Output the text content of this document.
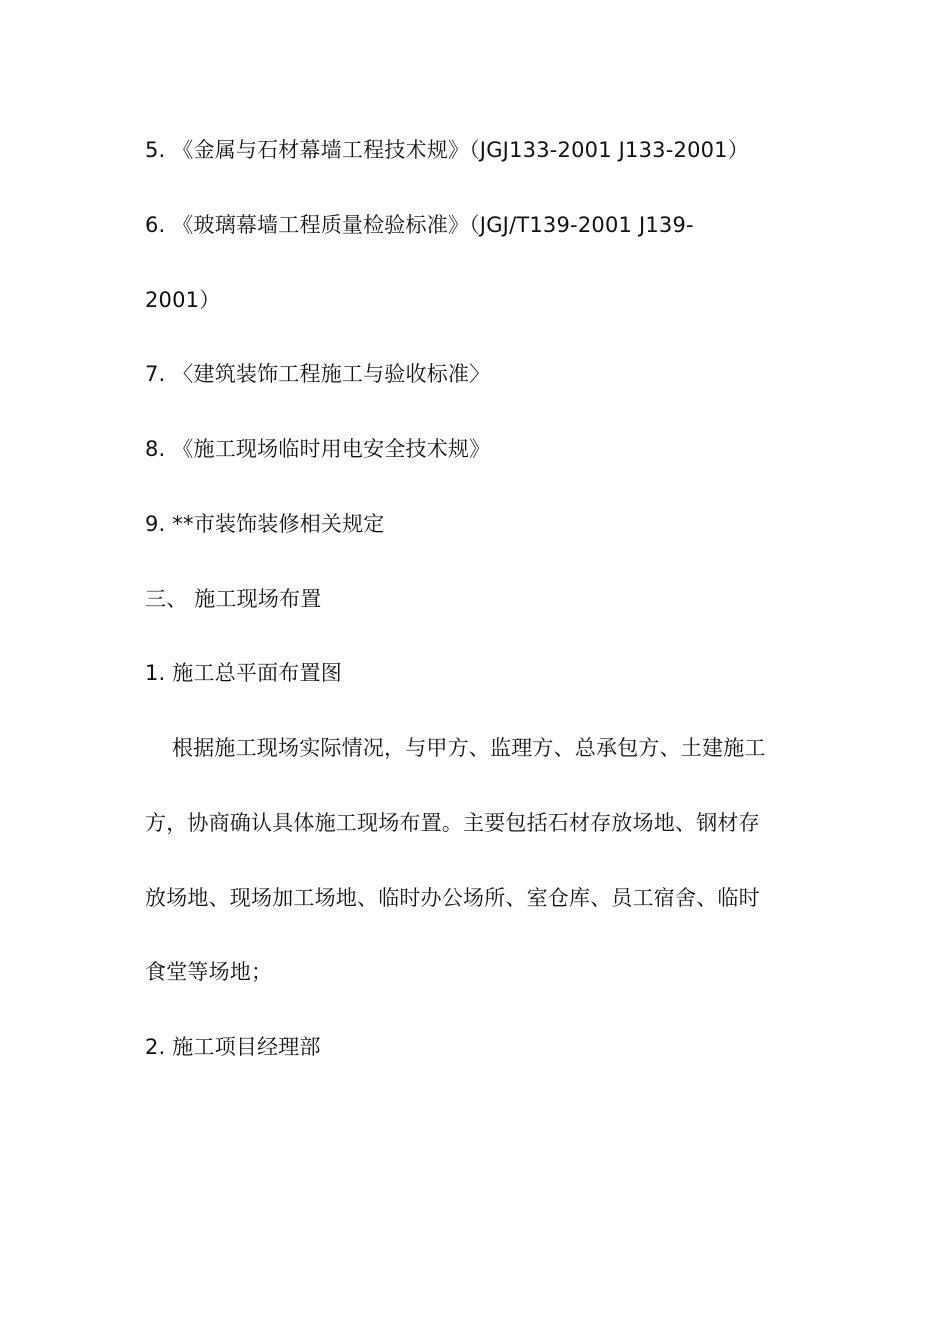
5. 《金属与石材幕墙工程技术规》（JGJ133-2001 J133-2001）
6. 《玻璃幕墙工程质量检验标准》（JGJ/T139-2001 J139-
2001）
7. 〈建筑装饰工程施工与验收标准〉
8. 《施工现场临时用电安全技术规》
9. **市装饰装修相关规定
三、 施工现场布置
1. 施工总平面布置图
根据施工现场实际情况，与甲方、监理方、总承包方、土建施工
方，协商确认具体施工现场布置。主要包括石材存放场地、钢材存
放场地、现场加工场地、临时办公场所、室仓库、员工宿舍、临时
食堂等场地；
2. 施工项目经理部
